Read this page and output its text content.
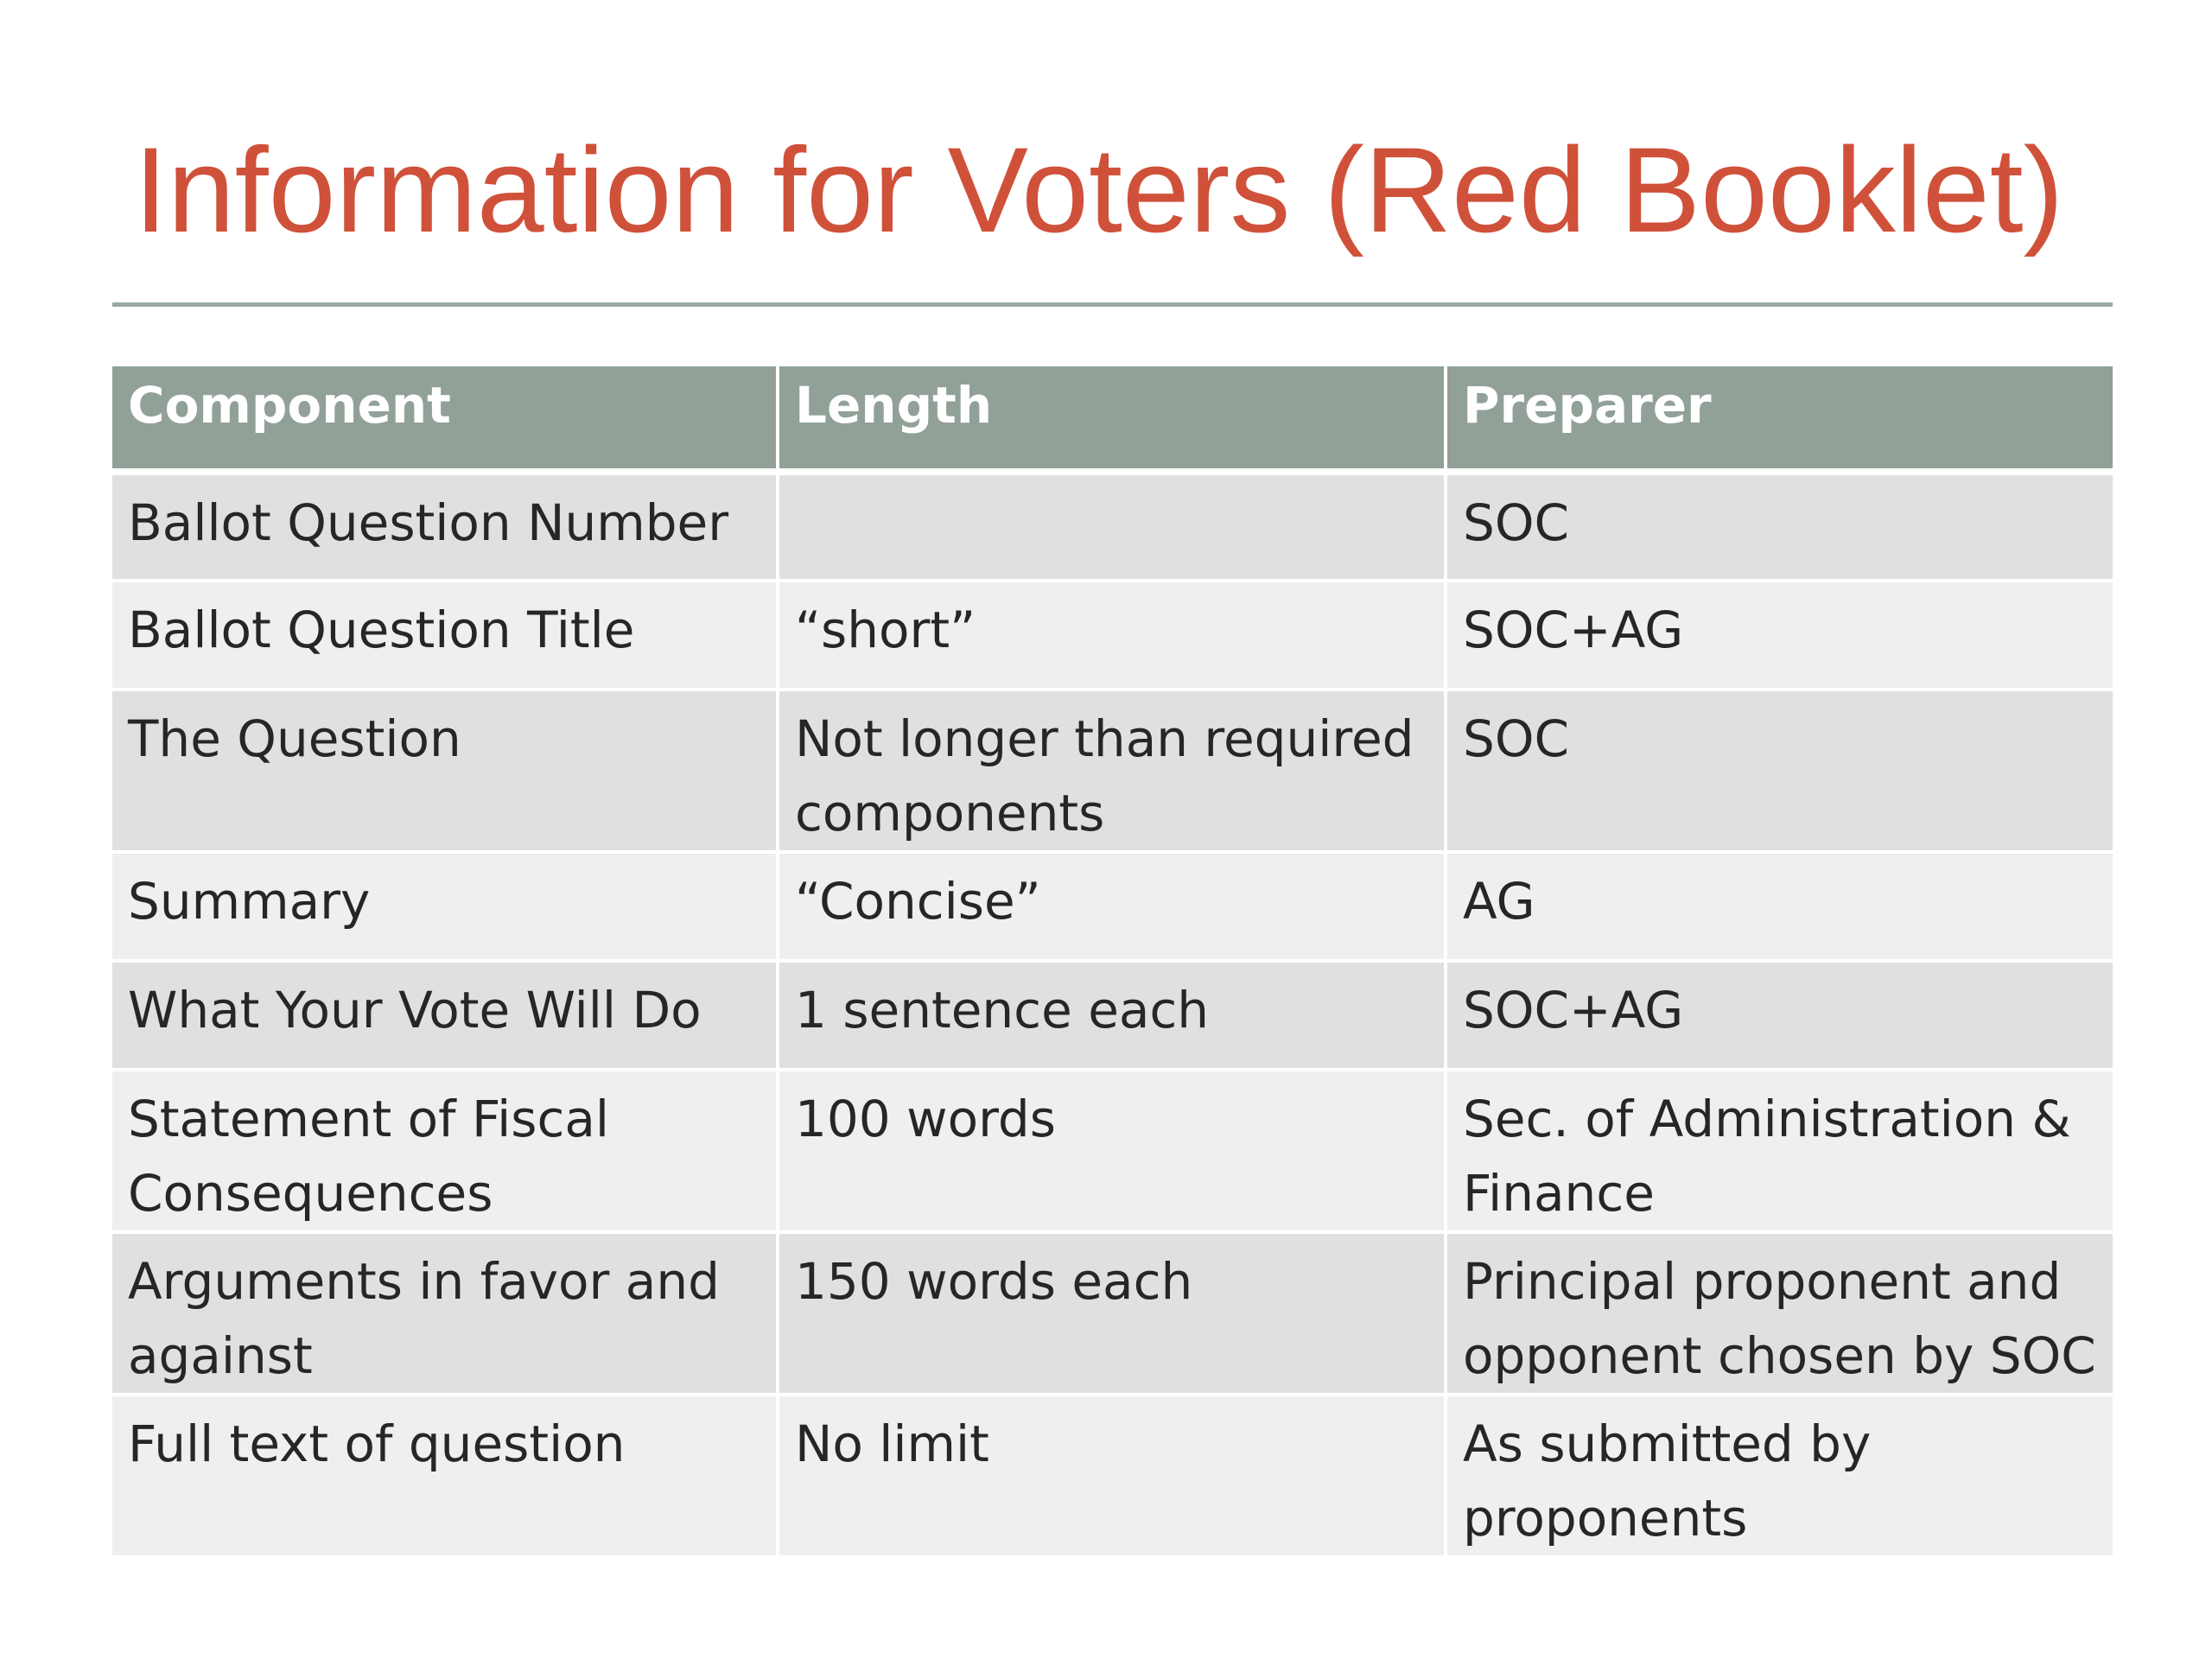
Information for Voters (Red Booklet)
Component	Length	Preparer
Ballot Question Number		SOC
Ballot Question Title	“short”	SOC+AG
The Question	Not longer than required components	SOC
Summary	“Concise”	AG
What Your Vote Will Do	1 sentence each	SOC+AG
Statement of Fiscal Consequences	100 words	Sec. of Administration & Finance
Arguments in favor and against	150 words each	Principal proponent and opponent chosen by SOC
Full text of question	No limit	As submitted by proponents
